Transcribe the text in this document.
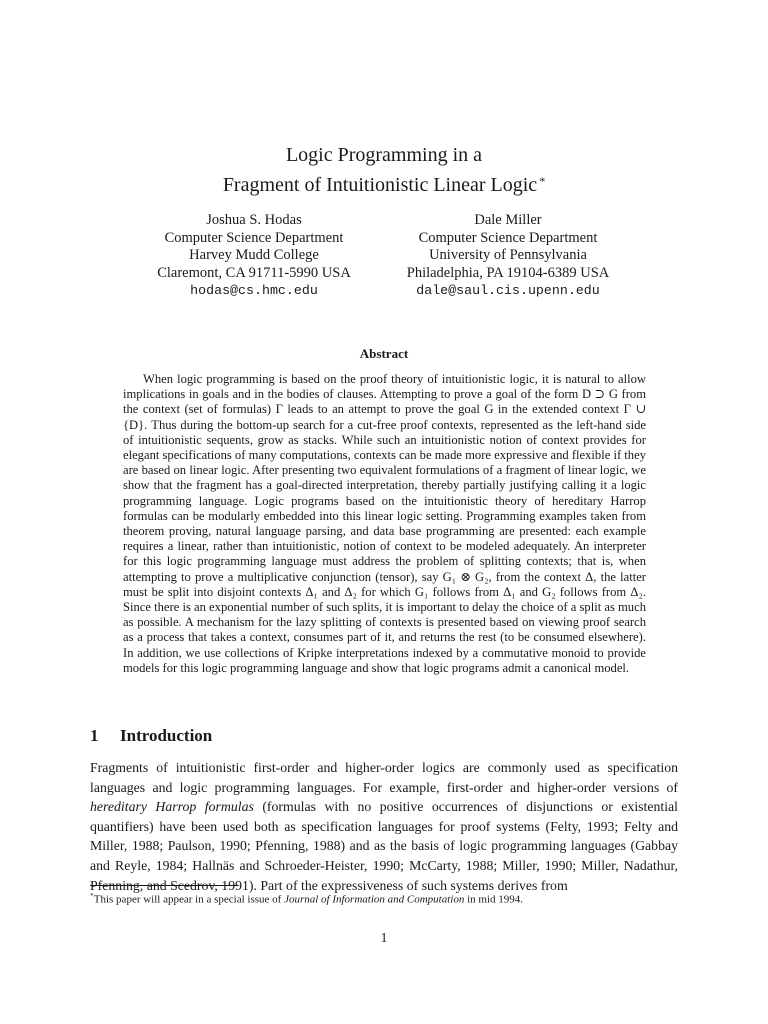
Logic Programming in a
Fragment of Intuitionistic Linear Logic *
Joshua S. Hodas
Computer Science Department
Harvey Mudd College
Claremont, CA 91711-5990 USA
hodas@cs.hmc.edu
Dale Miller
Computer Science Department
University of Pennsylvania
Philadelphia, PA 19104-6389 USA
dale@saul.cis.upenn.edu
Abstract

When logic programming is based on the proof theory of intuitionistic logic, it is natural to allow implications in goals and in the bodies of clauses. Attempting to prove a goal of the form D ⊃ G from the context (set of formulas) Γ leads to an attempt to prove the goal G in the extended context Γ ∪ {D}. Thus during the bottom-up search for a cut-free proof contexts, represented as the left-hand side of intuitionistic sequents, grow as stacks. While such an intuitionistic notion of context provides for elegant specifications of many computations, contexts can be made more expressive and flexible if they are based on linear logic. After presenting two equivalent formulations of a fragment of linear logic, we show that the fragment has a goal-directed interpretation, thereby partially justifying calling it a logic programming language. Logic programs based on the intuitionistic theory of hereditary Harrop formulas can be modularly embedded into this linear logic setting. Programming examples taken from theorem proving, natural language parsing, and data base programming are presented: each example requires a linear, rather than intuitionistic, notion of context to be modeled adequately. An interpreter for this logic programming language must address the problem of splitting contexts; that is, when attempting to prove a multiplicative conjunction (tensor), say G₁ ⊗ G₂, from the context Δ, the latter must be split into disjoint contexts Δ₁ and Δ₂ for which G₁ follows from Δ₁ and G₂ follows from Δ₂. Since there is an exponential number of such splits, it is important to delay the choice of a split as much as possible. A mechanism for the lazy splitting of contexts is presented based on viewing proof search as a process that takes a context, consumes part of it, and returns the rest (to be consumed elsewhere). In addition, we use collections of Kripke interpretations indexed by a commutative monoid to provide models for this logic programming language and show that logic programs admit a canonical model.

1 Introduction

Fragments of intuitionistic first-order and higher-order logics are commonly used as specification languages and logic programming languages. For example, first-order and higher-order versions of hereditary Harrop formulas (formulas with no positive occurrences of disjunctions or existential quantifiers) have been used both as specification languages for proof systems (Felty, 1993; Felty and Miller, 1988; Paulson, 1990; Pfenning, 1988) and as the basis of logic programming languages (Gabbay and Reyle, 1984; Hallnäs and Schroeder-Heister, 1990; McCarty, 1988; Miller, 1990; Miller, Nadathur, Pfenning, and Scedrov, 1991). Part of the expressiveness of such systems derives from

*This paper will appear in a special issue of Journal of Information and Computation in mid 1994.
1
